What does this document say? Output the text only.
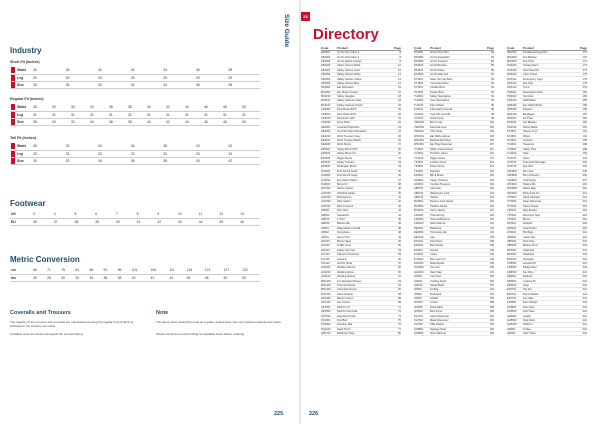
Size Guide
Industry
Short Fit (Inches)
Waist	26	28	30	32	34	36	38
Leg	29	29	29	29	29	29	29
Size	26	28	30	32	34	36	38
Regular Fit (Inches)
Waist	28	30	32	34	36	38	40	42	44	46	48	50
Leg	31	31	31	31	31	31	31	31	31	31	31	31
Size	28	30	32	34	36	38	40	42	44	46	48	50
Tall Fit (Inches)
Waist	30	32	34	36	38	40	42
Leg	33	33	33	33	33	33	33
Size	30	32	34	36	38	40	42
Footwear
UK	3	4	5	6	7	8	9	10	11	12	13
EU	36	37	38	39	40	41	42	43	44	45	46
Metric Conversion
cm	66	71	76	81	86	91	96	101	106	111	116	121	127	132
Ins	26	28	30	32	34	36	38	40	42	44	46	48	50	52
Coveralls and Trousers
The majority of the trousers and coveralls are manufactured using the regular fit and tall fit as indicated in the industry size table.
Available sizes are shown alongside the product listing.
Note
The above sizes should be used as a guide. Actual sizes may vary between brands and styles.
Please check the product listing for available sizes before ordering.
225
23
Directory
Code	Product	Page
AB1001	Hi-Vis Vest Class 2	8
AB1002	Hi-Vis Vest Class 3	8
AB1003	Hi-Vis Jacket Orange	8
AB1020	Safety Gloves Nitrile	12
AB1021	Safety Gloves Latex	12
AB1050	Safety Helmet White	14
AB1051	Safety Helmet Yellow	14
AB1052	Safety Helmet Blue	14
BC2001	Ear Defenders	16
BC2002	Ear Plugs Corded	16
BC2010	Safety Goggles	18
BC2011	Safety Glasses Clear	18
BC2012	Safety Glasses Tinted	18
CD3001	Dust Mask FFP2	20
CD3002	Dust Mask FFP3	20
CD3010	Respirator Half	21
CD3020	Knee Pads	22
DE4001	Coverall Polycotton	24
DE4002	Coverall Flame Retardant	24
DE4010	Work Trousers Navy	26
DE4011	Work Trousers Black	26
DE4020	Work Shorts	27
EF5001	Safety Boots S1P	30
EF5002	Safety Boots S3	30
EF5003	Rigger Boots	31
EF5010	Safety Trainers	32
EF5020	Wellington Boots	33
FG6001	First Aid Kit Small	36
FG6002	First Aid Kit Large	36
FG6010	Eye Wash Station	37
FG6020	Burns Kit	38
GH7001	Fleece Jacket	40
GH7002	Softshell Jacket	40
GH7010	Bodywarmer	41
GH7020	Rain Jacket	42
GH7021	Rain Trousers	42
HI8001	Polo Shirt	44
HI8002	Sweatshirt	44
HI8010	T-Shirt	45
HI8020	Beanie Hat	46
IJ9001	Disposable Coverall	48
IJ9002	Overshoes	48
IJ9010	Apron PVC	49
JK1001	Barrier Tape	52
JK1002	Traffic Cone	52
JK1010	Safety Sign Set	53
KL1101	Fall Arrest Harness	56
KL1102	Lanyard	56
KL1110	Anchor Strap	57
LM1201	Welding Gloves	60
LM1202	Welding Apron	60
LM1210	Welding Helmet	61
MN1301	Cut Resistant Gloves	64
MN1302	Thermal Gloves	64
MN1310	Chemical Gloves	65
NO1401	Hand Cleaner	68
NO1402	Barrier Cream	68
NO1410	Sun Cream	69
OP1501	Spill Kit Oil	72
OP1502	Spill Kit Chemical	72
OP1510	Absorbent Pads	73
PQ1601	Tool Belt	76
PQ1602	Kneeling Mat	76
PQ1610	Head Torch	77
QR1701	Reflective Tape	80
Code	Product	Page
RS1801	Hi-Vis Polo Shirt	84
RS1802	Hi-Vis Sweatshirt	84
RS1803	Hi-Vis Trousers	85
RS1810	Hi-Vis Bomber	86
RS1811	Hi-Vis Parka	86
RS1820	Hi-Vis Rain Suit	87
ST1901	Steel Toe Cap Boot	90
ST1902	Composite Boot	90
ST1910	Chukka Boot	91
ST1920	Dealer Boot	92
TU2001	Safety Spectacles	94
TU2002	Over Spectacles	94
TU2010	Face Shield	95
UV2101	Chemsafe Coverall	98
UV2102	Type 5/6 Coverall	98
UV2110	Hood Cover	99
VW2201	Bump Cap	102
VW2202	Hard Hat Liner	102
VW2210	Chin Strap	103
WX2301	Ear Muffs Helmet	106
WX2302	Banded Ear Plugs	106
WX2310	Ear Plug Dispenser	107
XY2401	Nitrile Coated Glove	110
XY2402	PU Palm Glove	110
XY2410	Rigger Glove	111
YZ2501	Leather Glove	114
YZ2502	Driver Glove	114
YZ2510	Gauntlet	115
ZA2601	Bib & Brace	118
ZA2602	Cargo Trousers	118
ZA2610	Combat Trousers	119
AB2701	Lab Coat	122
AB2702	Warehouse Coat	122
AB2710	Tabard	123
BC2801	Fleece Lined Jacket	126
BC2802	Padded Jacket	126
BC2810	Storm Jacket	127
CD2901	Thermal Top	130
CD2902	Thermal Bottoms	130
CD2910	Neck Warmer	131
DE3001	Balaclava	134
DE3002	Thinsulate Hat	134
DE3010	Cap	135
EF3101	Sock Pack	138
EF3102	Boot Socks	138
EF3110	Insoles	139
FG3201	Laces	142
FG3202	Boot Care Kit	142
GH3301	Water Bottle	146
GH3302	Sun Hat	146
GH3310	Neck Flap	147
HI3401	Cool Vest	150
HI3402	Cooling Towel	150
HI3410	Sweat Band	151
IJ3501	Kit Bag	154
IJ3502	Rucksack	154
IJ3510	Holdall	155
JK3601	Locker	158
JK3602	Hook Rack	158
JK3610	Boot Dryer	159
KL3701	Glove Dispenser	162
KL3702	Mask Dispenser	162
KL3710	PPE Station	163
LM3801	Signage Pack	166
LM3802	Floor Marking	166
Code	Product	Page
MN3901	Portable Extinguisher	170
MN3902	Fire Blanket	170
MN3910	Fire Point	171
NO4001	Smoke Alarm	174
NO4002	Heat Detector	174
NO4010	Alarm Panel	175
OP4101	Emergency Light	178
OP4102	Exit Sign	178
OP4110	Torch	179
PQ4201	Evacuation Chair	182
PQ4202	Stretcher	182
PQ4210	Defibrillator	183
QR4301	Eye Wash Bottle	186
QR4302	Plasters	186
QR4310	Bandages	187
RS4401	Ice Pack	190
RS4402	Foil Blanket	190
RS4410	Resus Mask	191
ST4501	Gloves Vinyl	194
ST4502	Wipes	194
ST4510	Scissors	195
TU4601	Tweezers	198
TU4602	Safety Pins	198
TU4610	Tape	199
UV4701	Splint	202
UV4702	Triangular Bandage	202
UV4710	Eye Pad	203
VW4801	Burn Gel	206
VW4802	Burn Dressing	206
VW4810	Cold Spray	207
WX4901	Sharps Bin	210
WX4902	Waste Bag	210
WX4910	Body Fluid Kit	211
XY5001	Hand Sanitiser	214
XY5002	Soap Dispenser	214
XY5010	Paper Towels	215
YZ5101	Mop Bucket	218
YZ5102	Wet Floor Sign	218
YZ5110	Broom	219
ZA5201	Dustpan	220
ZA5202	Litter Picker	220
ZA5210	Bin Bags	221
AB5301	Cable Ties	222
AB5302	Duct Tape	222
AB5310	Marker Pens	223
BC5401	Clipboard	224
BC5402	Notebook	224
BC5410	ID Holder	224
CD5501	Lanyard ID	224
CD5502	Badge Reel	224
CD5510	Key Ring	224
DE5601	Padlock	224
DE5602	Lockout Kit	224
DE5610	Hasp	224
EF5701	Tag Set	224
EF5702	Permit Board	224
EF5710	Key Safe	224
FG5801	Door Wedge	224
FG5802	Door Stop	224
FG5810	Kick Plate	224
GH5901	Ladder	224
GH5902	Step Stool	224
GH5910	Platform	224
HI6001	Trolley	224
HI6002	Sack Truck	224
226
